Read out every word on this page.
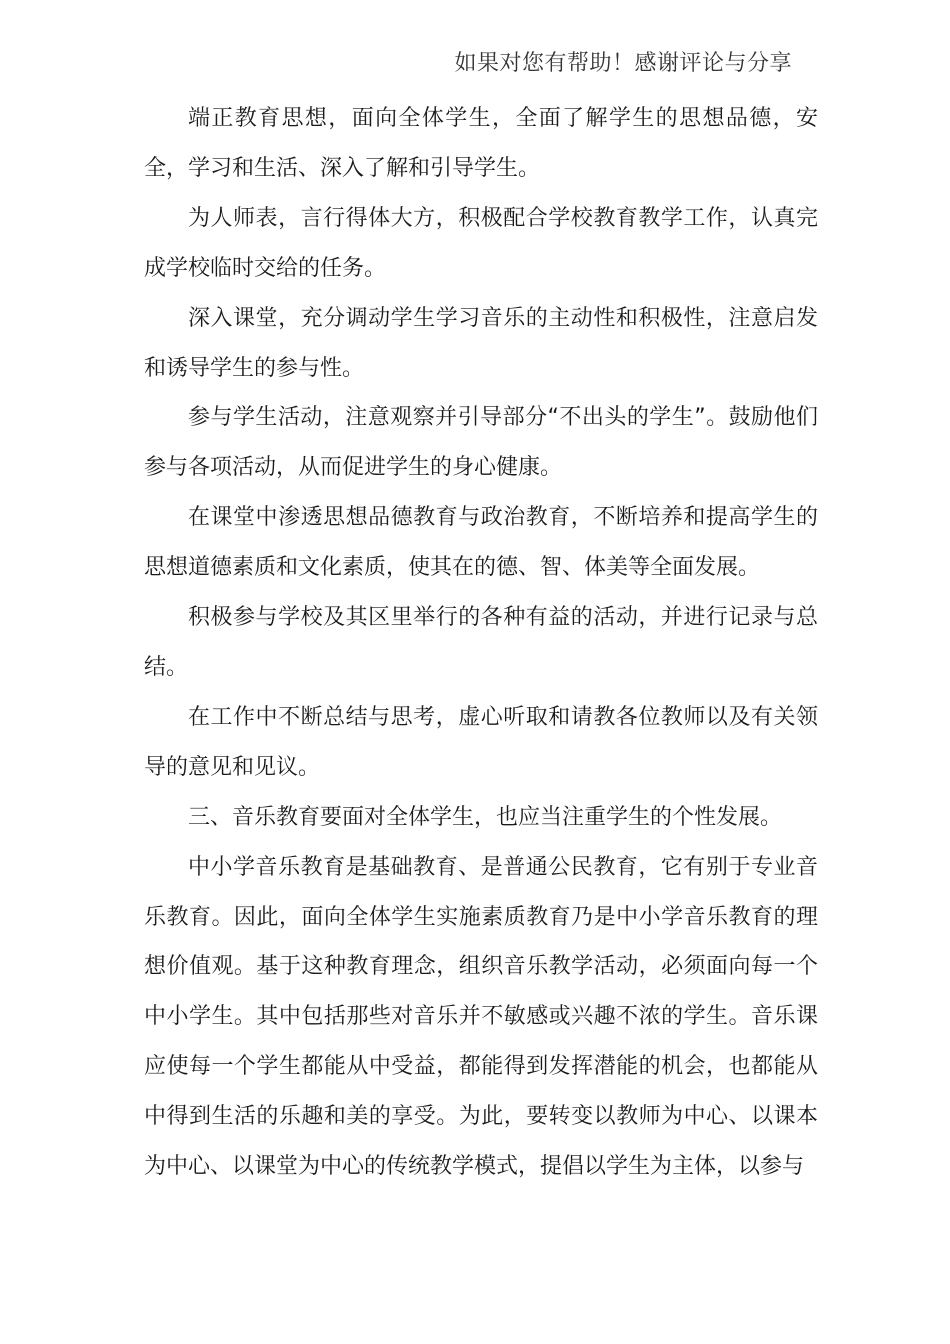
如果对您有帮助！感谢评论与分享

端正教育思想，面向全体学生，全面了解学生的思想品德，安全，学习和生活、深入了解和引导学生。

为人师表，言行得体大方，积极配合学校教育教学工作，认真完成学校临时交给的任务。

深入课堂，充分调动学生学习音乐的主动性和积极性，注意启发和诱导学生的参与性。

参与学生活动，注意观察并引导部分“不出头的学生”。鼓励他们参与各项活动，从而促进学生的身心健康。

在课堂中渗透思想品德教育与政治教育，不断培养和提高学生的思想道德素质和文化素质，使其在的德、智、体美等全面发展。

积极参与学校及其区里举行的各种有益的活动，并进行记录与总结。

在工作中不断总结与思考，虚心听取和请教各位教师以及有关领导的意见和见议。

三、音乐教育要面对全体学生，也应当注重学生的个性发展。

中小学音乐教育是基础教育、是普通公民教育，它有别于专业音乐教育。因此，面向全体学生实施素质教育乃是中小学音乐教育的理想价值观。基于这种教育理念，组织音乐教学活动，必须面向每一个中小学生。其中包括那些对音乐并不敏感或兴趣不浓的学生。音乐课应使每一个学生都能从中受益，都能得到发挥潜能的机会，也都能从中得到生活的乐趣和美的享受。为此，要转变以教师为中心、以课本为中心、以课堂为中心的传统教学模式，提倡以学生为主体，以参与
